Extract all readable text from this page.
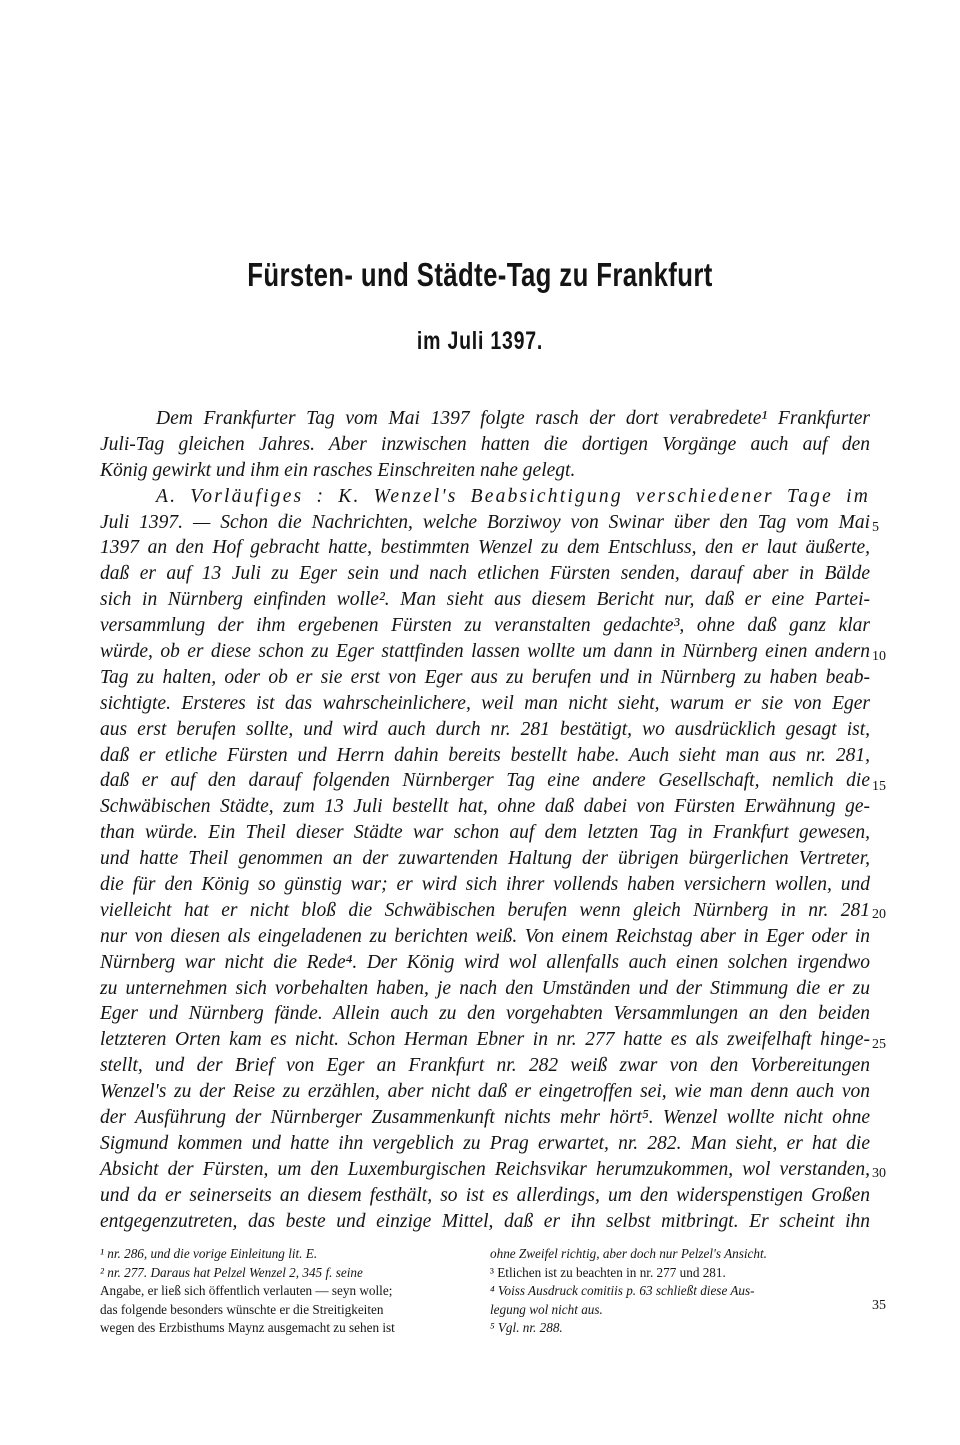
Fürsten- und Städte-Tag zu Frankfurt
im Juli 1397.
Dem Frankfurter Tag vom Mai 1397 folgte rasch der dort verabredete¹ Frankfurter
Juli-Tag gleichen Jahres. Aber inzwischen hatten die dortigen Vorgänge auch auf den
König gewirkt und ihm ein rasches Einschreiten nahe gelegt.
A. Vorläufiges : K. Wenzel's Beabsichtigung verschiedener Tage im
Juli 1397. — Schon die Nachrichten, welche Borziwoy von Swinar über den Tag vom Mai
1397 an den Hof gebracht hatte, bestimmten Wenzel zu dem Entschluss, den er laut äußerte,
daß er auf 13 Juli zu Eger sein und nach etlichen Fürsten senden, darauf aber in Bälde
sich in Nürnberg einfinden wolle². Man sieht aus diesem Bericht nur, daß er eine Partei-
versammlung der ihm ergebenen Fürsten zu veranstalten gedachte³, ohne daß ganz klar
würde, ob er diese schon zu Eger stattfinden lassen wollte um dann in Nürnberg einen andern
Tag zu halten, oder ob er sie erst von Eger aus zu berufen und in Nürnberg zu haben beab-
sichtigte. Ersteres ist das wahrscheinlichere, weil man nicht sieht, warum er sie von Eger
aus erst berufen sollte, und wird auch durch nr. 281 bestätigt, wo ausdrücklich gesagt ist,
daß er etliche Fürsten und Herrn dahin bereits bestellt habe. Auch sieht man aus nr. 281,
daß er auf den darauf folgenden Nürnberger Tag eine andere Gesellschaft, nemlich die
Schwäbischen Städte, zum 13 Juli bestellt hat, ohne daß dabei von Fürsten Erwähnung ge-
than würde. Ein Theil dieser Städte war schon auf dem letzten Tag in Frankfurt gewesen,
und hatte Theil genommen an der zuwartenden Haltung der übrigen bürgerlichen Vertreter,
die für den König so günstig war; er wird sich ihrer vollends haben versichern wollen, und
vielleicht hat er nicht bloß die Schwäbischen berufen wenn gleich Nürnberg in nr. 281
nur von diesen als eingeladenen zu berichten weiß. Von einem Reichstag aber in Eger oder in
Nürnberg war nicht die Rede⁴. Der König wird wol allenfalls auch einen solchen irgendwo
zu unternehmen sich vorbehalten haben, je nach den Umständen und der Stimmung die er zu
Eger und Nürnberg fände. Allein auch zu den vorgehabten Versammlungen an den beiden
letzteren Orten kam es nicht. Schon Herman Ebner in nr. 277 hatte es als zweifelhaft hinge-
stellt, und der Brief von Eger an Frankfurt nr. 282 weiß zwar von den Vorbereitungen
Wenzel's zu der Reise zu erzählen, aber nicht daß er eingetroffen sei, wie man denn auch von
der Ausführung der Nürnberger Zusammenkunft nichts mehr hört⁵. Wenzel wollte nicht ohne
Sigmund kommen und hatte ihn vergeblich zu Prag erwartet, nr. 282. Man sieht, er hat die
Absicht der Fürsten, um den Luxemburgischen Reichsvikar herumzukommen, wol verstanden,
und da er seinerseits an diesem festhält, so ist es allerdings, um den widerspenstigen Großen
entgegenzutreten, das beste und einzige Mittel, daß er ihn selbst mitbringt. Er scheint ihn
5
10
15
20
25
30
35
¹ nr. 286, und die vorige Einleitung lit. E.
² nr. 277. Daraus hat Pelzel Wenzel 2, 345 f. seine
Angabe, er ließ sich öffentlich verlauten — seyn wolle;
das folgende besonders wünschte er die Streitigkeiten
wegen des Erzbisthums Maynz ausgemacht zu sehen ist
ohne Zweifel richtig, aber doch nur Pelzel's Ansicht.
³ Etlichen ist zu beachten in nr. 277 und 281.
⁴ Voiss Ausdruck comitiis p. 63 schließt diese Aus-
legung wol nicht aus.
⁵ Vgl. nr. 288.
